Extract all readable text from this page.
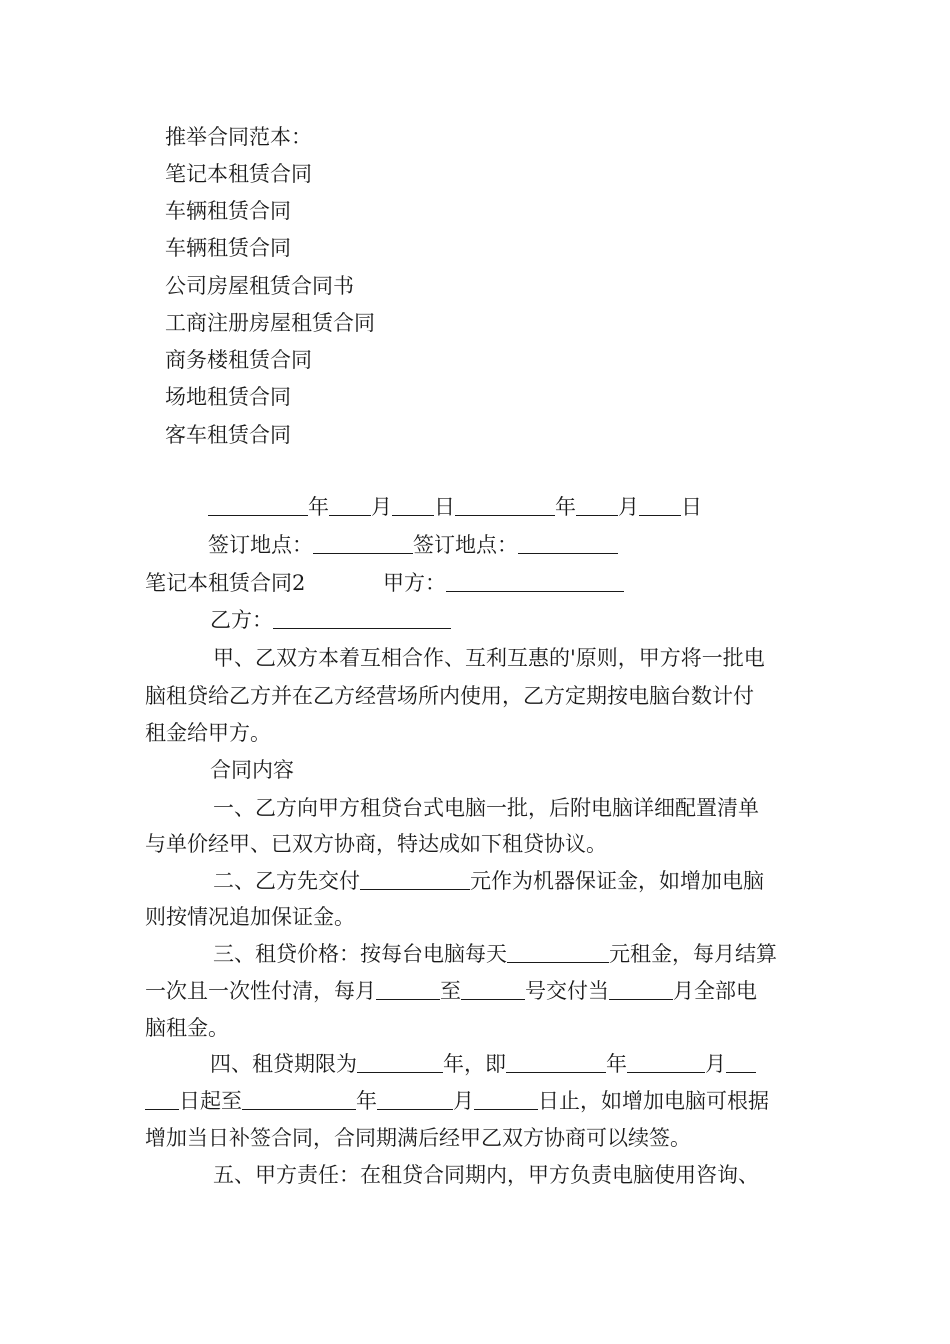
推举合同范本：
笔记本租赁合同
车辆租赁合同
车辆租赁合同
公司房屋租赁合同书
工商注册房屋租赁合同
商务楼租赁合同
场地租赁合同
客车租赁合同
年 月 日	年 月 日
签订地点：	签订地点：
笔记本租赁合同2	甲方：
乙方：
甲、乙双方本着互相合作、互利互惠的'原则，甲方将一批电
脑租贷给乙方并在乙方经营场所内使用，乙方定期按电脑台数计付
租金给甲方。
合同内容
一、乙方向甲方租贷台式电脑一批，后附电脑详细配置清单
与单价经甲、已双方协商，特达成如下租贷协议。
二、乙方先交付	元作为机器保证金，如增加电脑
则按情况追加保证金。
三、租贷价格：按每台电脑每天	元租金，每月结算
一次且一次性付清，每月	至	号交付当	月全部电
脑租金。
四、租贷期限为	年，即	年	月
日起至	年	月	日止，如增加电脑可根据
增加当日补签合同，合同期满后经甲乙双方协商可以续签。
五、甲方责任：在租贷合同期内，甲方负责电脑使用咨询、
